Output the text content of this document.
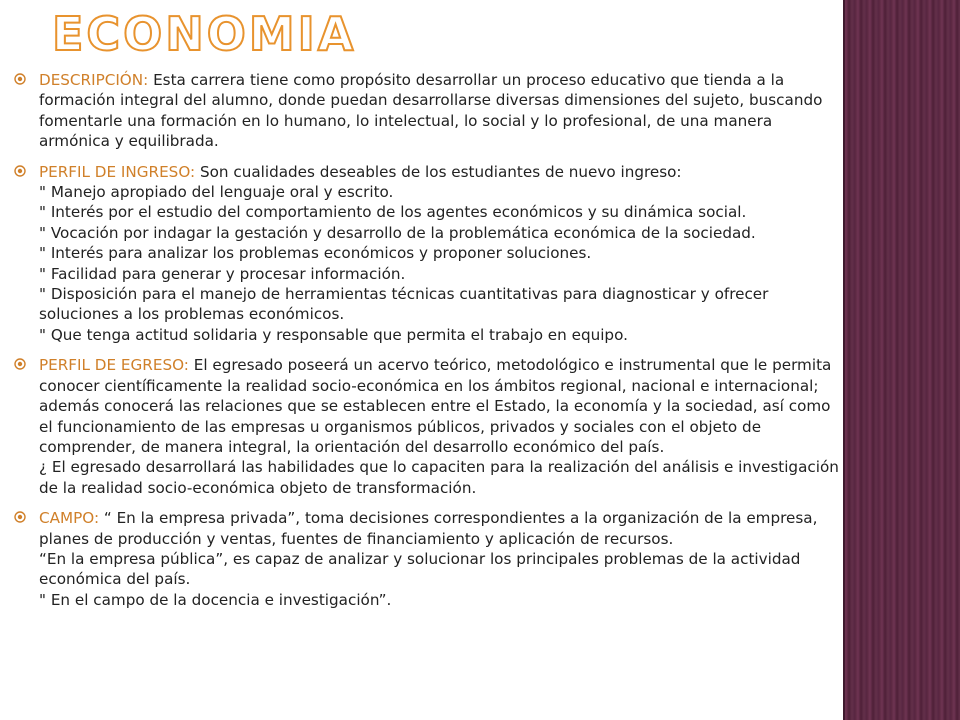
ECONOMIA
DESCRIPCIÓN: Esta carrera tiene como propósito desarrollar un proceso educativo que tienda a la formación integral del alumno, donde puedan desarrollarse diversas dimensiones del sujeto, buscando fomentarle una formación en lo humano, lo intelectual, lo social y lo profesional, de una manera armónica y equilibrada.
PERFIL DE INGRESO: Son cualidades deseables de los estudiantes de nuevo ingreso:
" Manejo apropiado del lenguaje oral y escrito.
" Interés por el estudio del comportamiento de los agentes económicos y su dinámica social.
" Vocación por indagar la gestación y desarrollo de la problemática económica de la sociedad.
" Interés para analizar los problemas económicos y proponer soluciones.
" Facilidad para generar y procesar información.
" Disposición para el manejo de herramientas técnicas cuantitativas para diagnosticar y ofrecer soluciones a los problemas económicos.
" Que tenga actitud solidaria y responsable que permita el trabajo en equipo.
PERFIL DE EGRESO: El egresado poseerá un acervo teórico, metodológico e instrumental que le permita conocer científicamente la realidad socio-económica en los ámbitos regional, nacional e internacional; además conocerá las relaciones que se establecen entre el Estado, la economía y la sociedad, así como el funcionamiento de las empresas u organismos públicos, privados y sociales con el objeto de comprender, de manera integral, la orientación del desarrollo económico del país.
¿ El egresado desarrollará las habilidades que lo capaciten para la realización del análisis e investigación de la realidad socio-económica objeto de transformación.
CAMPO: “ En la empresa privada”, toma decisiones correspondientes a la organización de la empresa, planes de producción y ventas, fuentes de financiamiento y aplicación de recursos.
“En la empresa pública”, es capaz de analizar y solucionar los principales problemas de la actividad económica del país.
" En el campo de la docencia e investigación”.
